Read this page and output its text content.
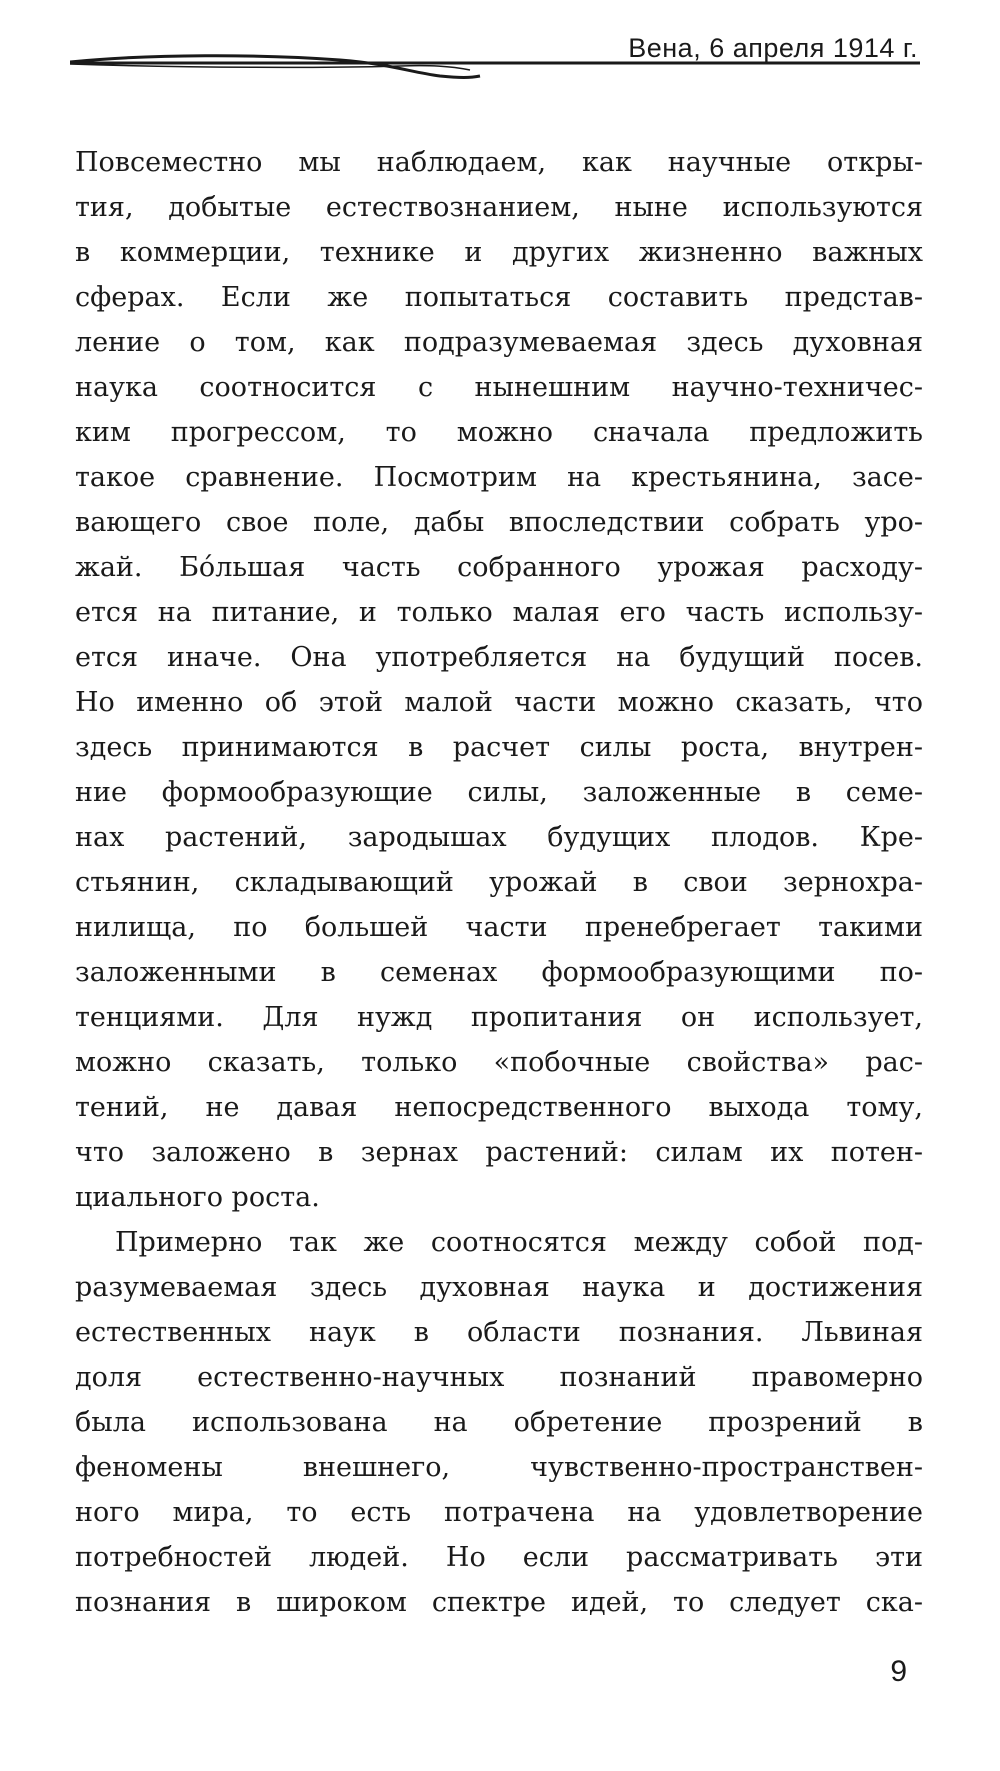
Вена, 6 апреля 1914 г.
Повсеместно мы наблюдаем, как научные откры-
тия, добытые естествознанием, ныне используются
в коммерции, технике и других жизненно важных
сферах. Если же попытаться составить представ-
ление о том, как подразумеваемая здесь духовная
наука соотносится с нынешним научно-техничес-
ким прогрессом, то можно сначала предложить
такое сравнение. Посмотрим на крестьянина, засе-
вающего свое поле, дабы впоследствии собрать уро-
жай. Бóльшая часть собранного урожая расходу-
ется на питание, и только малая его часть использу-
ется иначе. Она употребляется на будущий посев.
Но именно об этой малой части можно сказать, что
здесь принимаются в расчет силы роста, внутрен-
ние формообразующие силы, заложенные в семе-
нах растений, зародышах будущих плодов. Кре-
стьянин, складывающий урожай в свои зернохра-
нилища, по большей части пренебрегает такими
заложенными в семенах формообразующими по-
тенциями. Для нужд пропитания он использует,
можно сказать, только «побочные свойства» рас-
тений, не давая непосредственного выхода тому,
что заложено в зернах растений: силам их потен-
циального роста.
Примерно так же соотносятся между собой под-
разумеваемая здесь духовная наука и достижения
естественных наук в области познания. Львиная
доля естественно-научных познаний правомерно
была использована на обретение прозрений в
феномены внешнего, чувственно-пространствен-
ного мира, то есть потрачена на удовлетворение
потребностей людей. Но если рассматривать эти
познания в широком спектре идей, то следует ска-
9
